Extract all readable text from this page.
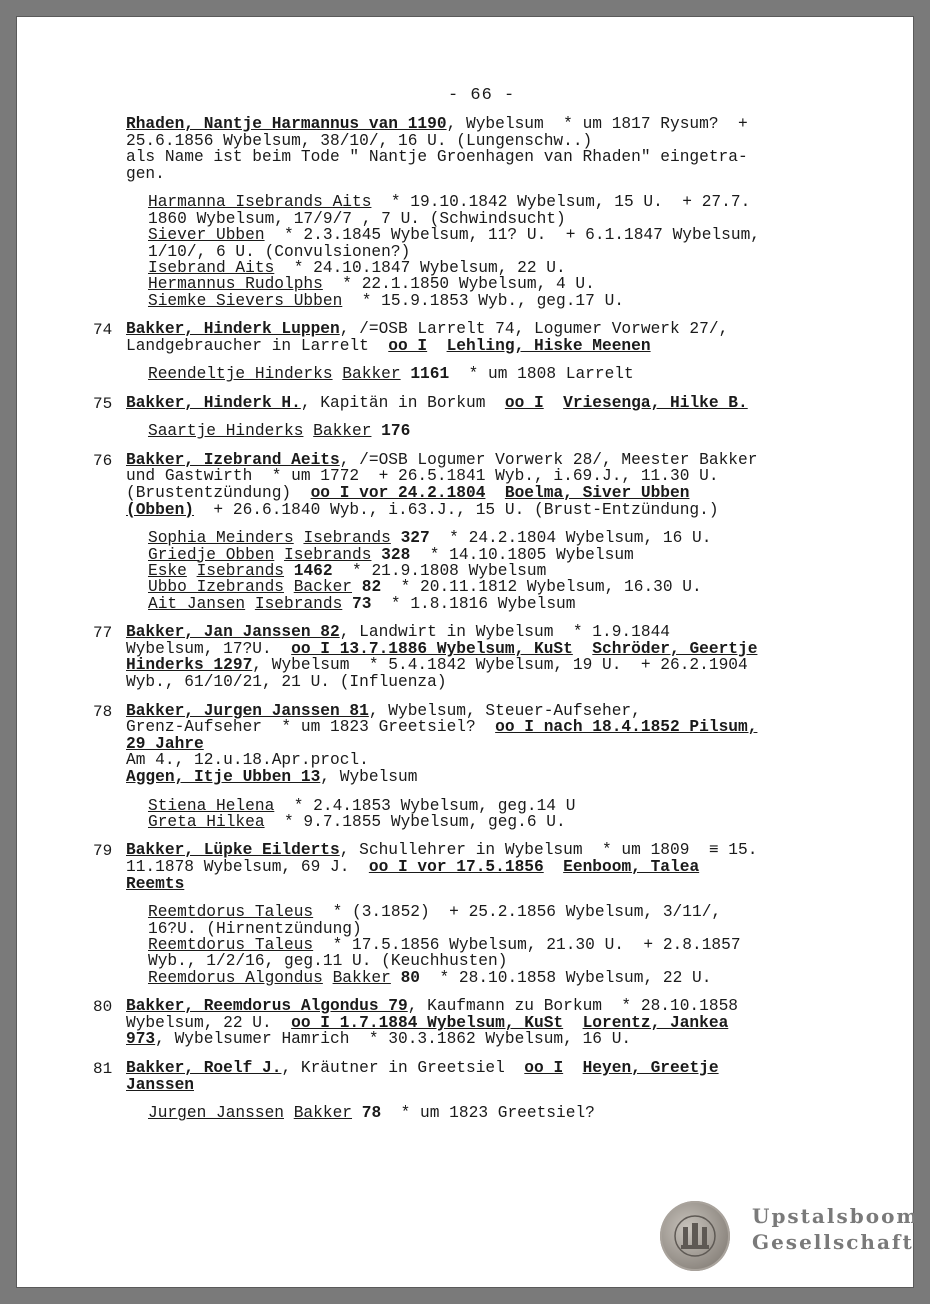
- 66 -
Rhaden, Nantje Harmannus van 1190, Wybelsum  * um 1817 Rysum?  +
25.6.1856 Wybelsum, 38/10/, 16 U. (Lungenschw..)
als Name ist beim Tode " Nantje Groenhagen van Rhaden" eingetra-
gen.
Harmanna Isebrands Aits  * 19.10.1842 Wybelsum, 15 U.  + 27.7.
1860 Wybelsum, 17/9/7 , 7 U. (Schwindsucht)
Siever Ubben  * 2.3.1845 Wybelsum, 11? U.  + 6.1.1847 Wybelsum,
1/10/, 6 U. (Convulsionen?)
Isebrand Aits  * 24.10.1847 Wybelsum, 22 U.
Hermannus Rudolphs  * 22.1.1850 Wybelsum, 4 U.
Siemke Sievers Ubben  * 15.9.1853 Wyb., geg.17 U.
74 Bakker, Hinderk Luppen, /=OSB Larrelt 74, Logumer Vorwerk 27/,
Landgebraucher in Larrelt  oo I Lehling, Hiske Meenen
Reendeltje Hinderks Bakker 1161  * um 1808 Larrelt
75 Bakker, Hinderk H., Kapitän in Borkum  oo I Vriesenga, Hilke B.
Saartje Hinderks Bakker 176
76 Bakker, Izebrand Aeits, /=OSB Logumer Vorwerk 28/, Meester Bakker
und Gastwirth  * um 1772  + 26.5.1841 Wyb., i.69.J., 11.30 U.
(Brustentzündung)  oo I vor 24.2.1804 Boelma, Siver Ubben
(Obben)  + 26.6.1840 Wyb., i.63.J., 15 U. (Brust-Entzündung.)
Sophia Meinders Isebrands 327  * 24.2.1804 Wybelsum, 16 U.
Griedje Obben Isebrands 328  * 14.10.1805 Wybelsum
Eske Isebrands 1462  * 21.9.1808 Wybelsum
Ubbo Izebrands Backer 82  * 20.11.1812 Wybelsum, 16.30 U.
Ait Jansen Isebrands 73  * 1.8.1816 Wybelsum
77 Bakker, Jan Janssen 82, Landwirt in Wybelsum  * 1.9.1844
Wybelsum, 17?U.  oo I 13.7.1886 Wybelsum, KuSt Schröder, Geertje
Hinderks 1297, Wybelsum  * 5.4.1842 Wybelsum, 19 U.  + 26.2.1904
Wyb., 61/10/21, 21 U. (Influenza)
78 Bakker, Jurgen Janssen 81, Wybelsum, Steuer-Aufseher,
Grenz-Aufseher  * um 1823 Greetsiel?  oo I nach 18.4.1852 Pilsum,
29 Jahre
Am 4., 12.u.18.Apr.procl.
Aggen, Itje Ubben 13, Wybelsum
Stiena Helena  * 2.4.1853 Wybelsum, geg.14 U
Greta Hilkea  * 9.7.1855 Wybelsum, geg.6 U.
79 Bakker, Lüpke Eilderts, Schullehrer in Wybelsum  * um 1809  ≡ 15.
11.1878 Wybelsum, 69 J.  oo I vor 17.5.1856 Eenboom, Talea
Reemts
Reemtdorus Taleus  * (3.1852)  + 25.2.1856 Wybelsum, 3/11/,
16?U. (Hirnentzündung)
Reemtdorus Taleus  * 17.5.1856 Wybelsum, 21.30 U.  + 2.8.1857
Wyb., 1/2/16, geg.11 U. (Keuchhusten)
Reemdorus Algondus Bakker 80  * 28.10.1858 Wybelsum, 22 U.
80 Bakker, Reemdorus Algondus 79, Kaufmann zu Borkum  * 28.10.1858
Wybelsum, 22 U.  oo I 1.7.1884 Wybelsum, KuSt Lorentz, Jankea
973, Wybelsumer Hamrich  * 30.3.1862 Wybelsum, 16 U.
81 Bakker, Roelf J., Kräutner in Greetsiel  oo I Heyen, Greetje
Janssen
Jurgen Janssen Bakker 78  * um 1823 Greetsiel?
Upstalsboom
Gesellschaft
